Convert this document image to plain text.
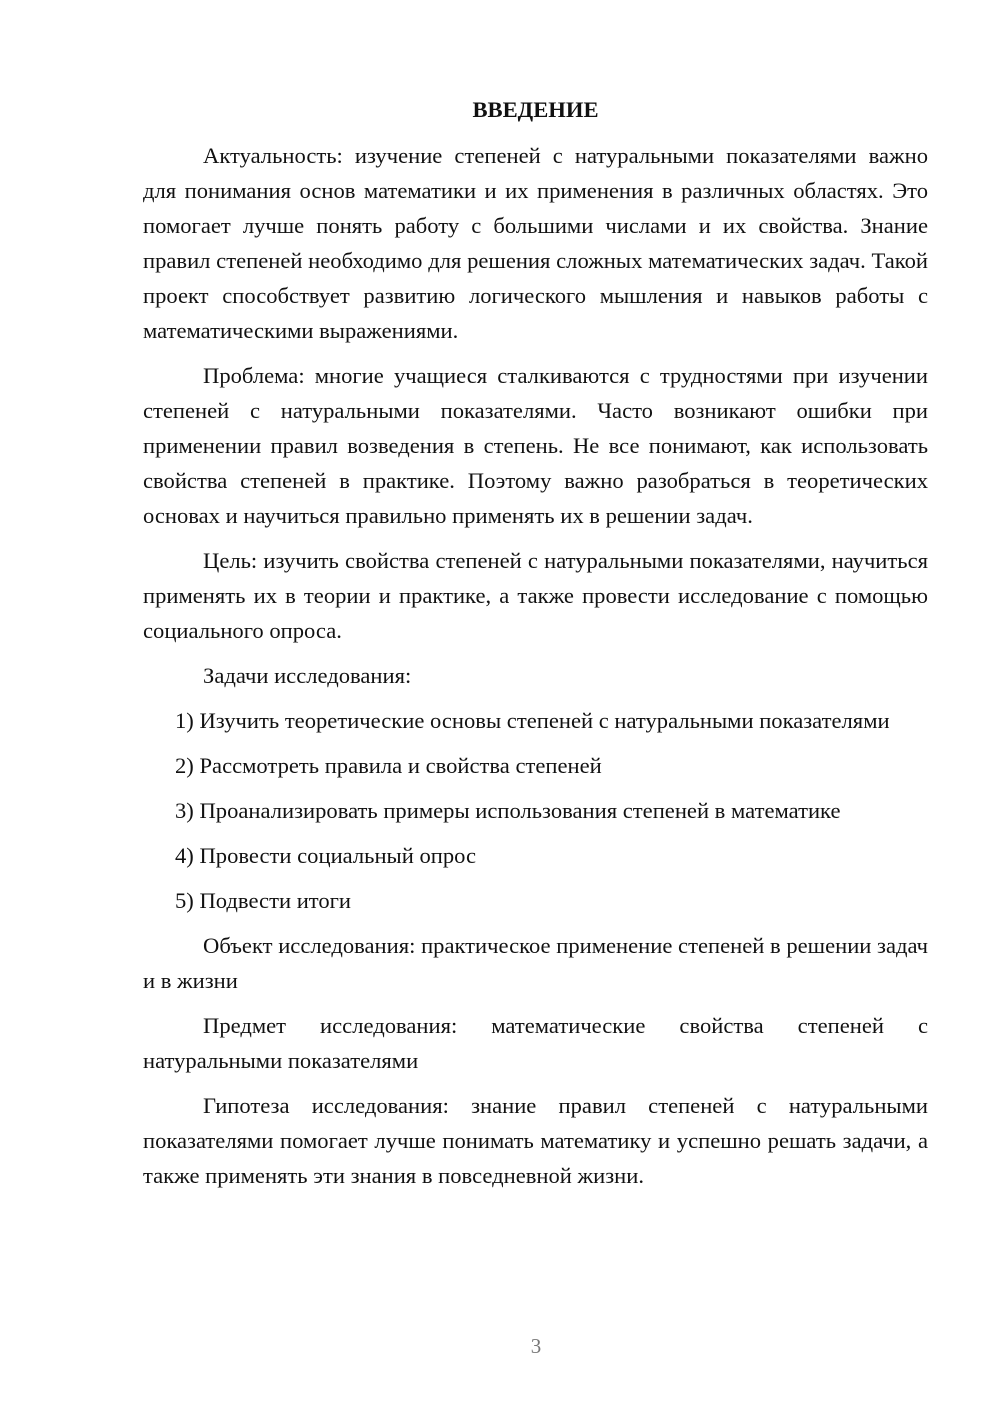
ВВЕДЕНИЕ

Актуальность: изучение степеней с натуральными показателями важно для понимания основ математики и их применения в различных областях. Это помогает лучше понять работу с большими числами и их свойства. Знание правил степеней необходимо для решения сложных математических задач. Такой проект способствует развитию логического мышления и навыков работы с математическими выражениями.

Проблема: многие учащиеся сталкиваются с трудностями при изучении степеней с натуральными показателями. Часто возникают ошибки при применении правил возведения в степень. Не все понимают, как использовать свойства степеней в практике. Поэтому важно разобраться в теоретических основах и научиться правильно применять их в решении задач.

Цель: изучить свойства степеней с натуральными показателями, научиться применять их в теории и практике, а также провести исследование с помощью социального опроса.

Задачи исследования:

1) Изучить теоретические основы степеней с натуральными показателями

2) Рассмотреть правила и свойства степеней

3) Проанализировать примеры использования степеней в математике

4) Провести социальный опрос

5) Подвести итоги

Объект исследования: практическое применение степеней в решении задач и в жизни

Предмет исследования: математические свойства степеней с натуральными показателями

Гипотеза исследования: знание правил степеней с натуральными показателями помогает лучше понимать математику и успешно решать задачи, а также применять эти знания в повседневной жизни.

3
